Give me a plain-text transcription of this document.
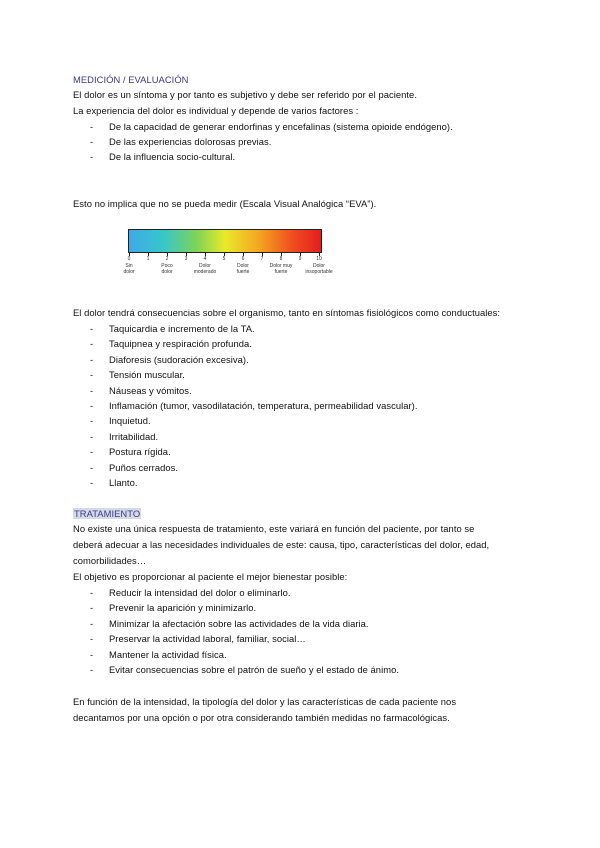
MEDICIÓN / EVALUACIÓN
El dolor es un síntoma y por tanto es subjetivo y debe ser referido por el paciente.
La experiencia del dolor es individual y depende de varios factores :
- De la capacidad de generar endorfinas y encefalinas (sistema opioide endógeno).
- De las experiencias dolorosas previas.
- De la influencia socio-cultural.
Esto no implica que no se pueda medir (Escala Visual Analógica “EVA”).
0	1	2	3	4	5	6	7	8	9	10
Sin
dolor
Poco
dolor
Dolor
moderado
Dolor
fuerte
Dolor muy
fuerte
Dolor
insoportable
El dolor tendrá consecuencias sobre el organismo, tanto en síntomas fisiológicos como conductuales:
- Taquicardia e incremento de la TA.
- Taquipnea y respiración profunda.
- Diaforesis (sudoración excesiva).
- Tensión muscular.
- Náuseas y vómitos.
- Inflamación (tumor, vasodilatación, temperatura, permeabilidad vascular).
- Inquietud.
- Irritabilidad.
- Postura rígida.
- Puños cerrados.
- Llanto.
TRATAMIENTO
No existe una única respuesta de tratamiento, este variará en función del paciente, por tanto se
deberá adecuar a las necesidades individuales de este: causa, tipo, características del dolor, edad,
comorbilidades…
El objetivo es proporcionar al paciente el mejor bienestar posible:
- Reducir la intensidad del dolor o eliminarlo.
- Prevenir la aparición y minimizarlo.
- Minimizar la afectación sobre las actividades de la vida diaria.
- Preservar la actividad laboral, familiar, social…
- Mantener la actividad física.
- Evitar consecuencias sobre el patrón de sueño y el estado de ánimo.
En función de la intensidad, la tipología del dolor y las características de cada paciente nos
decantamos por una opción o por otra considerando también medidas no farmacológicas.
